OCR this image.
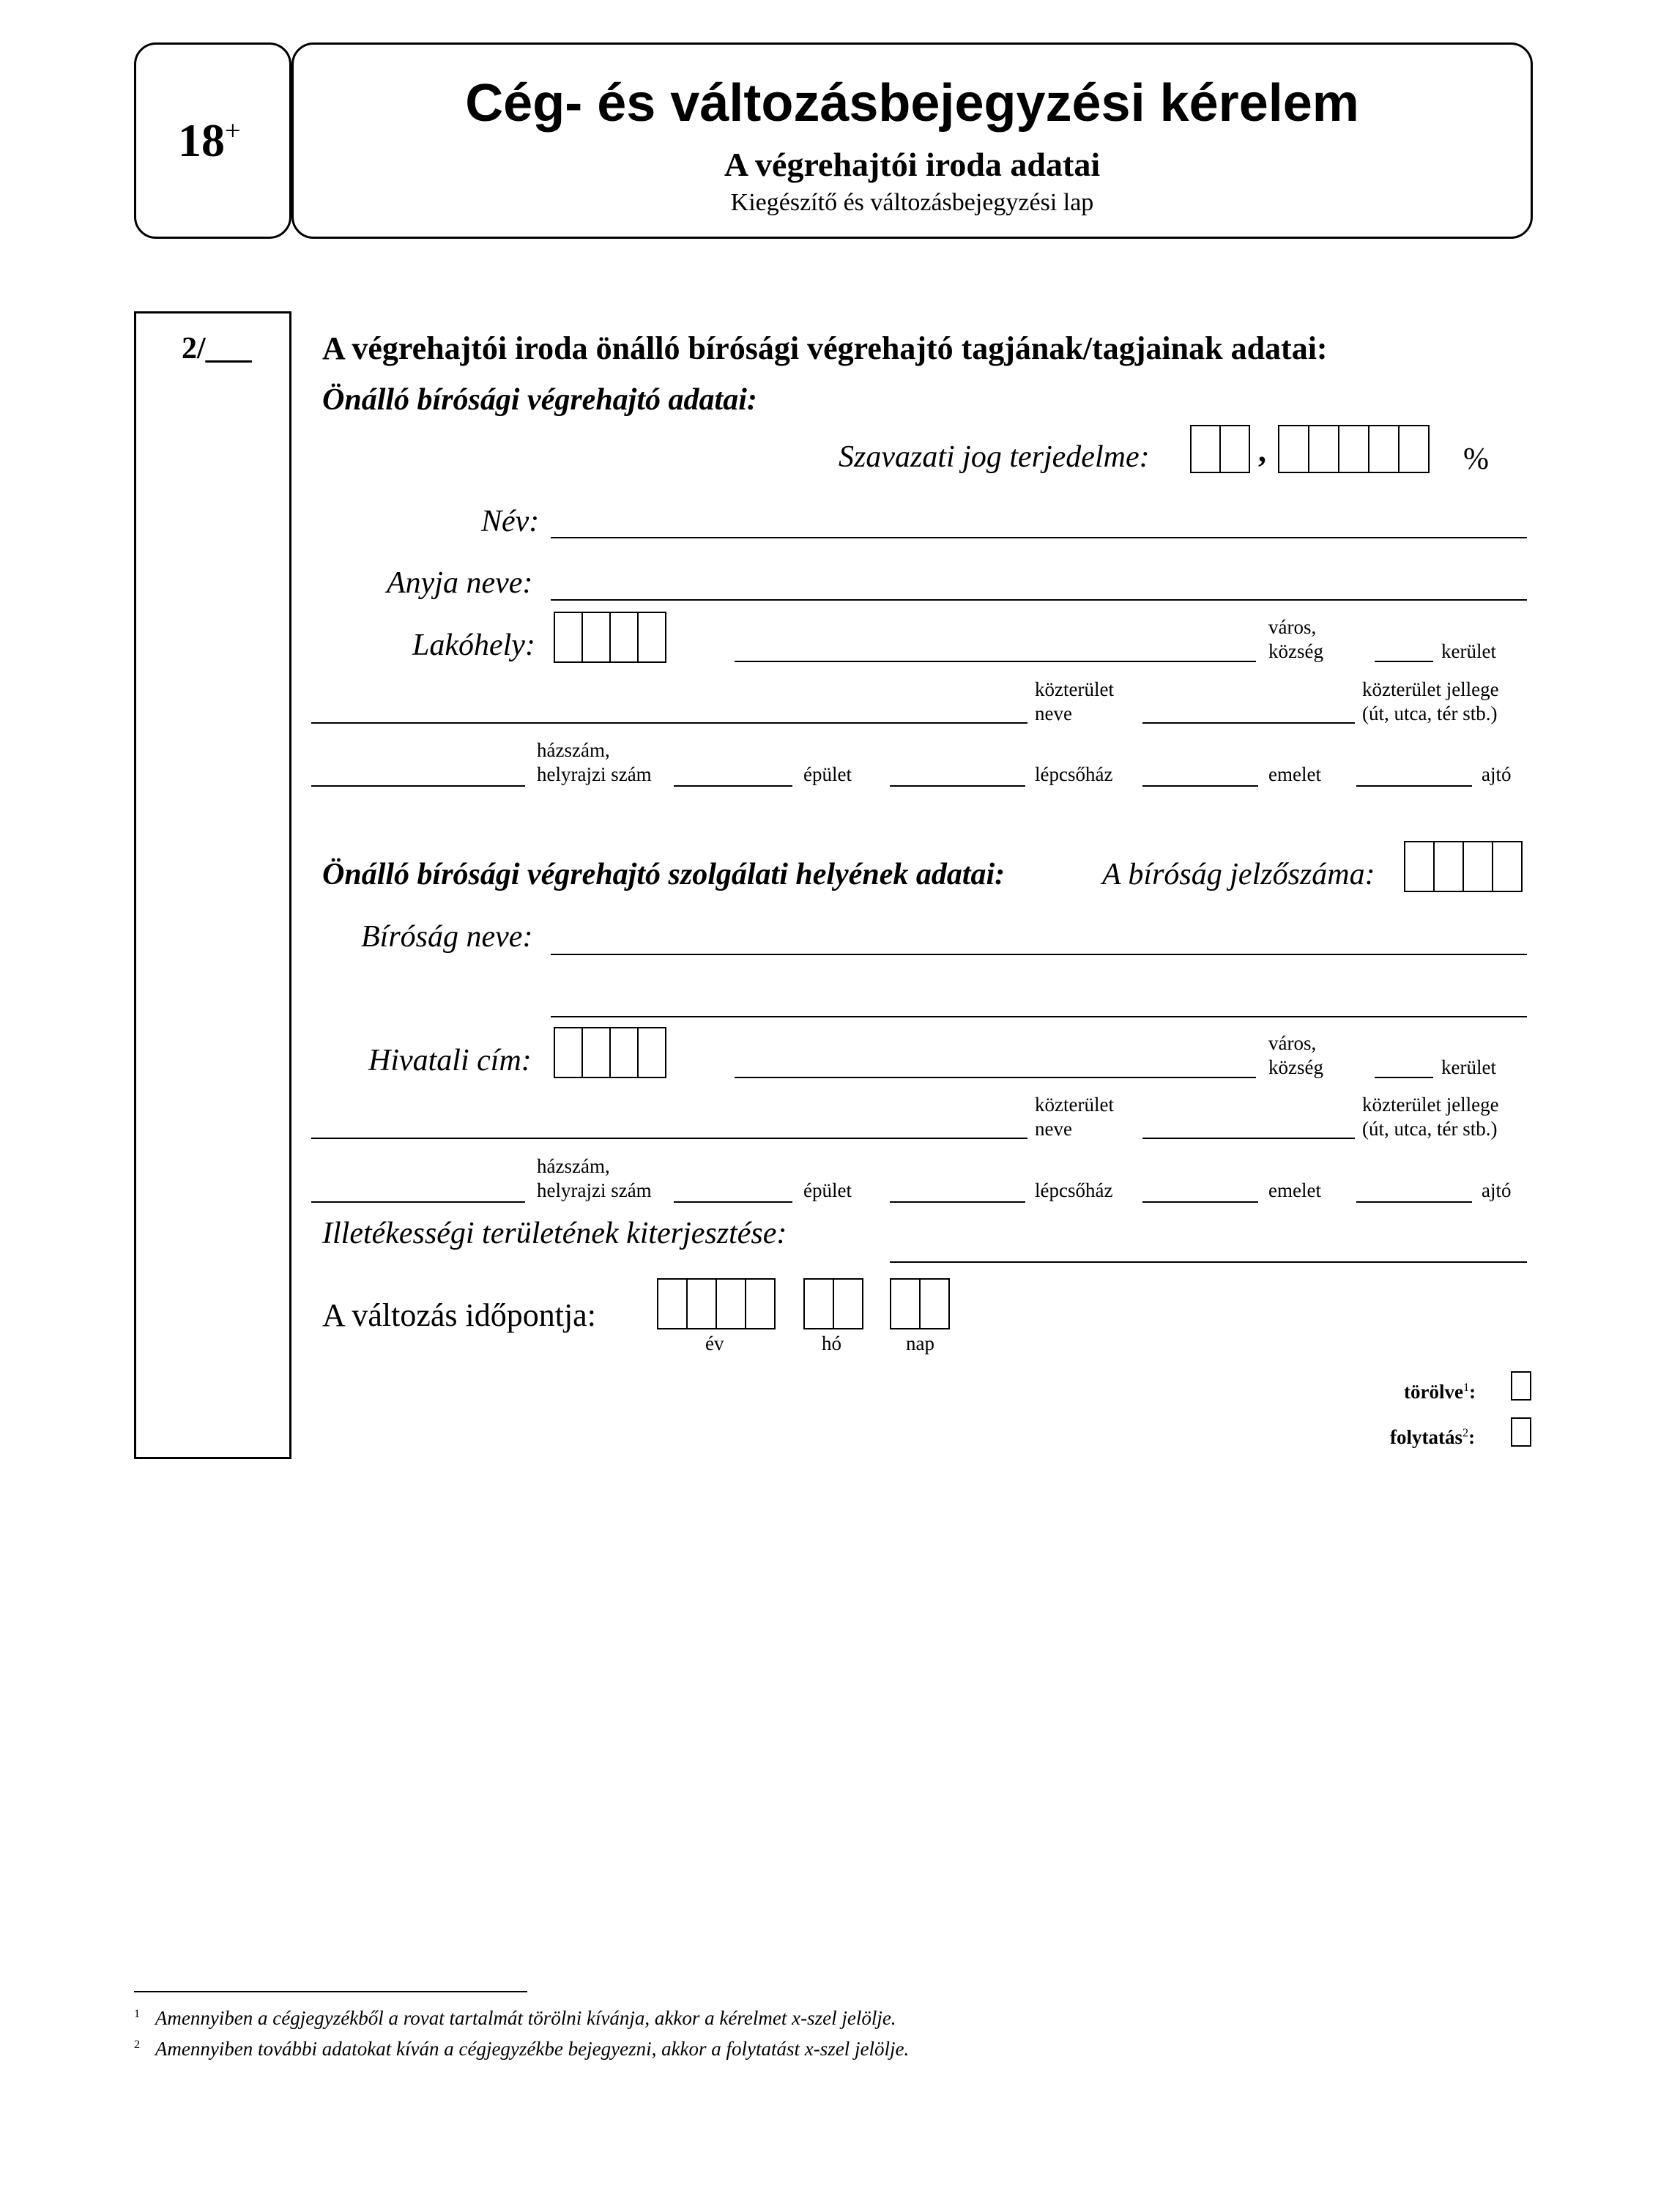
18+	Cég- és változásbejegyzési kérelem
A végrehajtói iroda adatai
Kiegészítő és változásbejegyzési lap
2/___ A végrehajtói iroda önálló bírósági végrehajtó tagjának/tagjainak adatai:
Önálló bírósági végrehajtó adatai:
Szavazati jog terjedelme:	,	%
Név:
Anyja neve:
Lakóhely:
város,
község	kerület
közterület
neve
közterület jellege
(út, utca, tér stb.)
házszám,
helyrajzi szám	épület	lépcsőház	emelet	ajtó
Önálló bírósági végrehajtó szolgálati helyének adatai:	A bíróság jelzőszáma:
Bíróság neve:
Hivatali cím:
város,
község	kerület
közterület
neve
közterület jellege
(út, utca, tér stb.)
házszám,
helyrajzi szám	épület	lépcsőház	emelet	ajtó
Illetékességi területének kiterjesztése:
A változás időpontja:
év	hó	nap
törölve$^1$:
folytatás$^2$:
$^1$ Amennyiben a cégjegyzékből a rovat tartalmát törölni kívánja, akkor a kérelmet x-szel jelölje.
$^2$ Amennyiben további adatokat kíván a cégjegyzékbe bejegyezni, akkor a folytatást x-szel jelölje.
